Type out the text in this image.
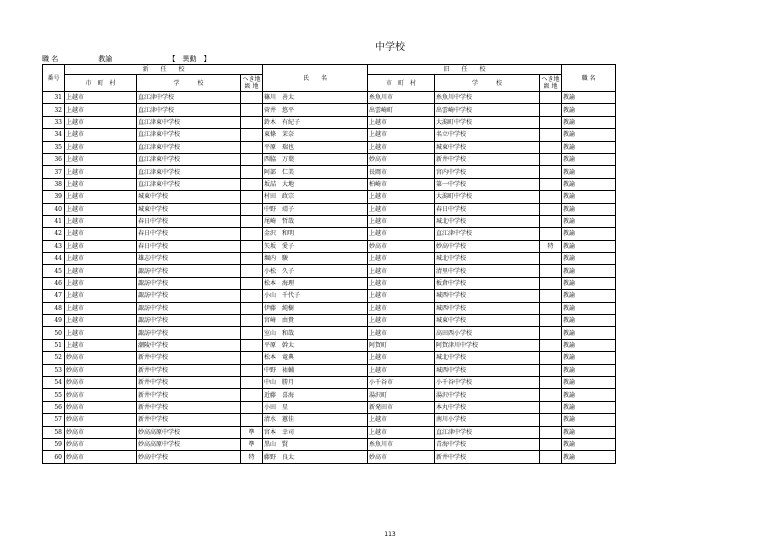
中学校
職 名	教諭	【　異動　】
番号	新　　任　　校			氏　　名	旧　　任　　校			職 名
	市　町　村	学　　　校	へき地
級 地		市　町　村	学　　　校	へき地
級 地	
31	上越市	直江津中学校		篠川　善太	糸魚川市	糸魚川中学校		教諭
32	上越市	直江津中学校		菅井　悠平	出雲崎町	出雲崎中学校		教諭
33	上越市	直江津東中学校		鈴木　有紀子	上越市	大潟町中学校		教諭
34	上越市	直江津東中学校		東條　茉奈	上越市	名立中学校		教諭
35	上越市	直江津東中学校		平原　瑞也	上越市	城東中学校		教諭
36	上越市	直江津東中学校		西脇　万葉	妙高市	新井中学校		教諭
37	上越市	直江津東中学校		阿部　仁美	長岡市	宮内中学校		教諭
38	上越市	直江津東中学校		坂詰　大地	柏崎市	第一中学校		教諭
39	上越市	城東中学校		村田　政宗	上越市	大潟町中学校		教諭
40	上越市	城東中学校		中野　靖子	上越市	春日中学校		教諭
41	上越市	春日中学校		尾崎　哲哉	上越市	城北中学校		教諭
42	上越市	春日中学校		金沢　和明	上越市	直江津中学校		教諭
43	上越市	春日中学校		矢坂　愛子	妙高市	妙高中学校	特	教諭
44	上越市	雄志中学校		堀内　駿	上越市	城北中学校		教諭
45	上越市	諏訪中学校		小松　久子	上越市	清里中学校		教諭
46	上越市	諏訪中学校		松本　海理	上越市	板倉中学校		教諭
47	上越市	諏訪中学校		小山　千代子	上越市	城西中学校		教諭
48	上越市	諏訪中学校		伊藤　純樹	上越市	城西中学校		教諭
49	上越市	諏訪中学校		宮﨑　由貴	上越市	城東中学校		教諭
50	上越市	諏訪中学校		室山　和哉	上越市	高田西小学校		教諭
51	上越市	潮陵中学校		平原　幹太	阿賀町	阿賀津川中学校		教諭
52	妙高市	新井中学校		松本　竜典	上越市	城北中学校		教諭
53	妙高市	新井中学校		中野　祐輔	上越市	城西中学校		教諭
54	妙高市	新井中学校		中山　勝月	小千谷市	小千谷中学校		教諭
55	妙高市	新井中学校		近藤　喜海	湯沢町	湯沢中学校		教諭
56	妙高市	新井中学校		小田　星	新発田市	本丸中学校		教諭
57	妙高市	新井中学校		清水　蕙佳	上越市	南川小学校		教諭
58	妙高市	妙高高原中学校	準	宮本　幸司	上越市	直江津中学校		教諭
59	妙高市	妙高高原中学校	準	黒山　賢	糸魚川市	青海中学校		教諭
60	妙高市	妙高中学校	特	藤野　良太	妙高市	新井中学校		教諭
113
